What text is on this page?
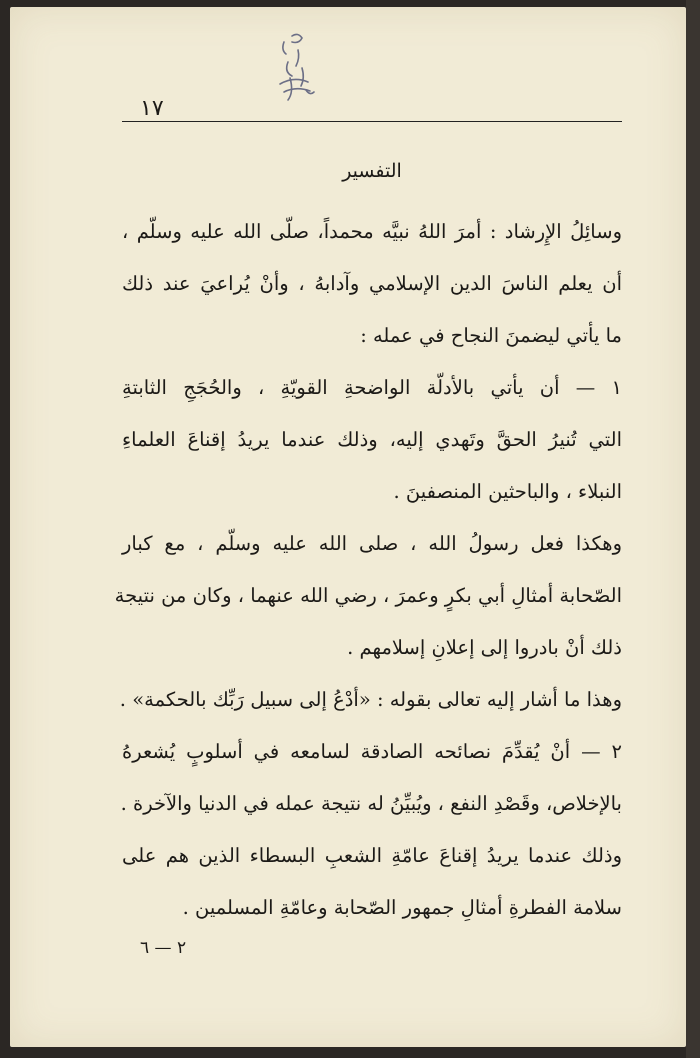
١٧
التفسير
وسائِلُ الإِرشاد : أمرَ اللهُ نبيَّه محمداً، صلّى الله عليه وسلّم ،
أن يعلم الناسَ الدين الإسلامي وآدابهُ ، وأنْ يُراعيَ عند ذلك
ما يأتي ليضمنَ النجاح في عمله :
١ — أن يأتي بالأدلّة الواضحةِ القويّةِ ، والحُجَجِ الثابتةِ
التي تُنيرُ الحقَّ وتَهدي إليه، وذلك عندما يريدُ إقناعَ العلماءِ
النبلاء ، والباحثين المنصفينَ .
وهكذا فعل رسولُ الله ، صلى الله عليه وسلّم ، مع كبار
الصّحابة أمثالِ أبي بكرٍ وعمرَ ، رضي الله عنهما ، وكان من نتيجة
ذلك أنْ بادروا إلى إعلانِ إسلامهم .
وهذا ما أشار إليه تعالى بقوله : «أدْعُ إلى سبيل رَبِّك بالحكمة» .
٢ — أنْ يُقدِّمَ نصائحه الصادقة لسامعه في أسلوبٍ يُشعرهُ
بالإخلاص، وقَصْدِ النفع ، ويُبيِّنُ له نتيجة عمله في الدنيا والآخرة .
وذلك عندما يريدُ إقناعَ عامّةِ الشعبِ البسطاء الذين هم على
سلامة الفطرةِ أمثالِ جمهور الصّحابة وعامّةِ المسلمين .
٢ — ٦
